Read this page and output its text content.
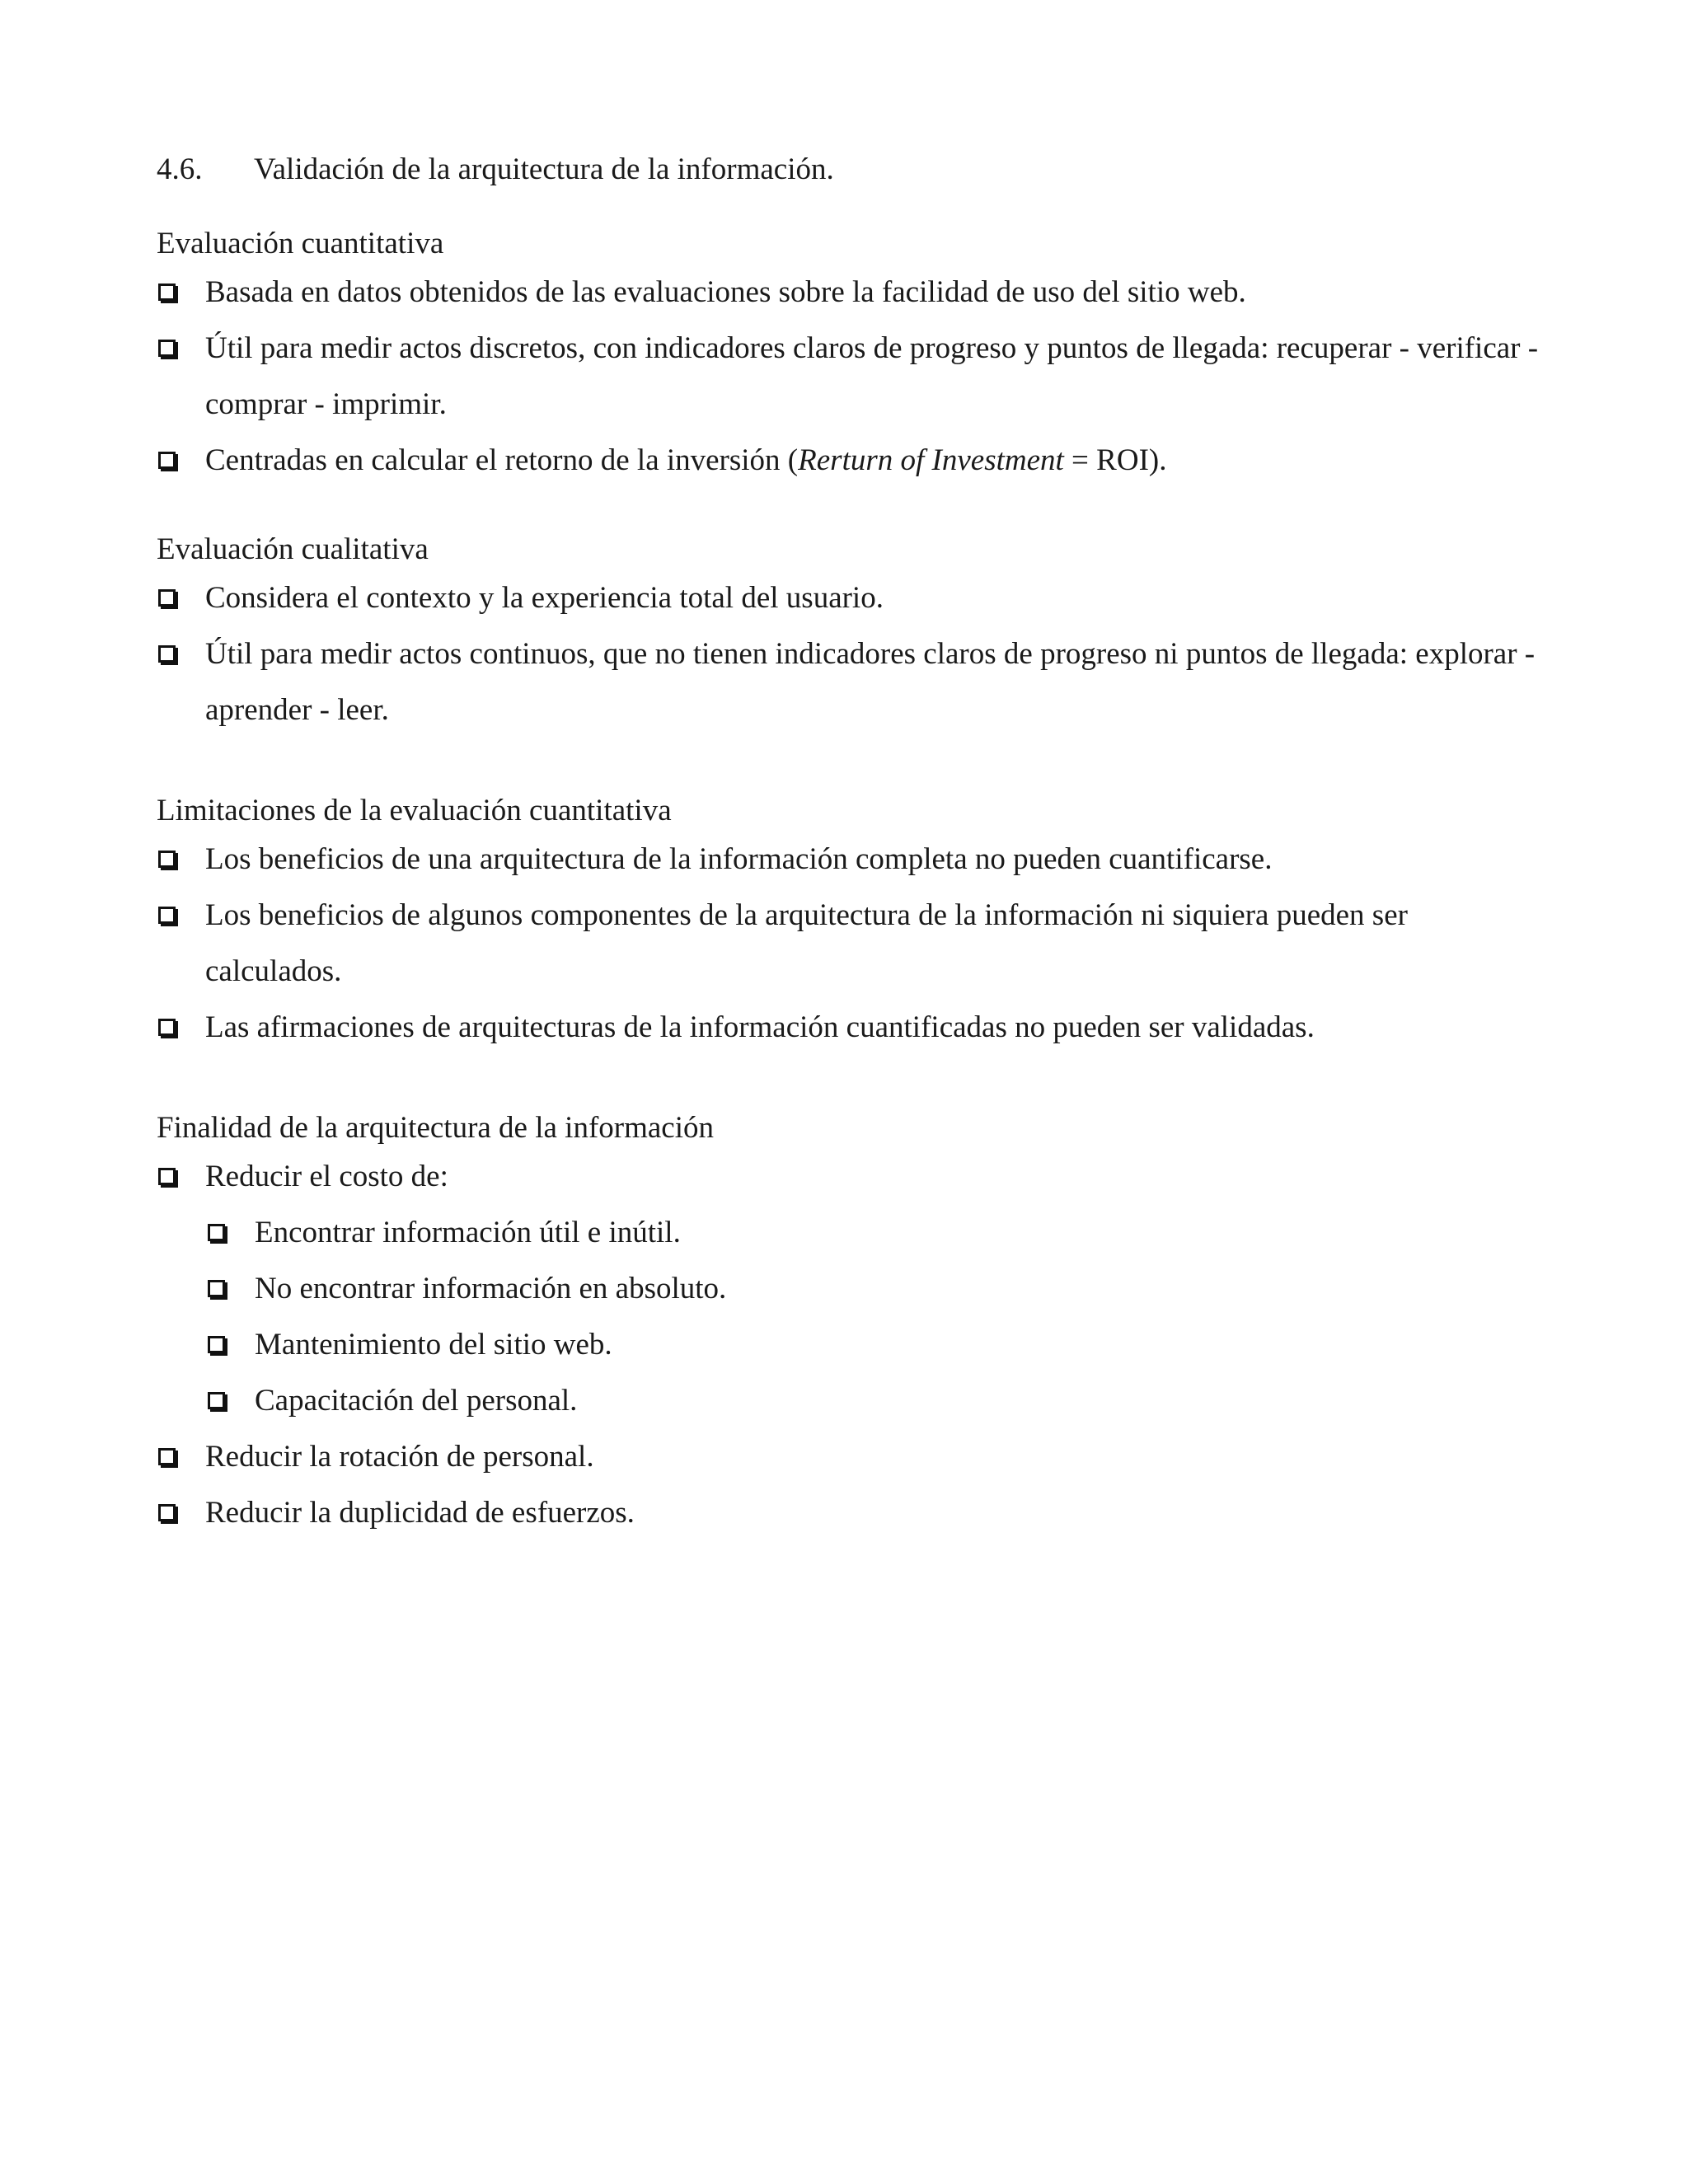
4.6.	Validación de la arquitectura de la información.

Evaluación cuantitativa

Basada en datos obtenidos de las evaluaciones sobre la facilidad de uso del sitio web.
Útil para medir actos discretos, con indicadores claros de progreso y puntos de llegada: recuperar - verificar - comprar - imprimir.
Centradas en calcular el retorno de la inversión (Rerturn of Investment = ROI).

Evaluación cualitativa

Considera el contexto y la experiencia total del usuario.
Útil para medir actos continuos, que no tienen indicadores claros de progreso ni puntos de llegada: explorar - aprender - leer.

Limitaciones de la evaluación cuantitativa

Los beneficios de una arquitectura de la información completa no pueden cuantificarse.
Los beneficios de algunos componentes de la arquitectura de la información ni siquiera pueden ser calculados.
Las afirmaciones de arquitecturas de la información cuantificadas no pueden ser validadas.

Finalidad de la arquitectura de la información

Reducir el costo de:
Encontrar información útil e inútil.
No encontrar información en absoluto.
Mantenimiento del sitio web.
Capacitación del personal.
Reducir la rotación de personal.
Reducir la duplicidad de esfuerzos.
